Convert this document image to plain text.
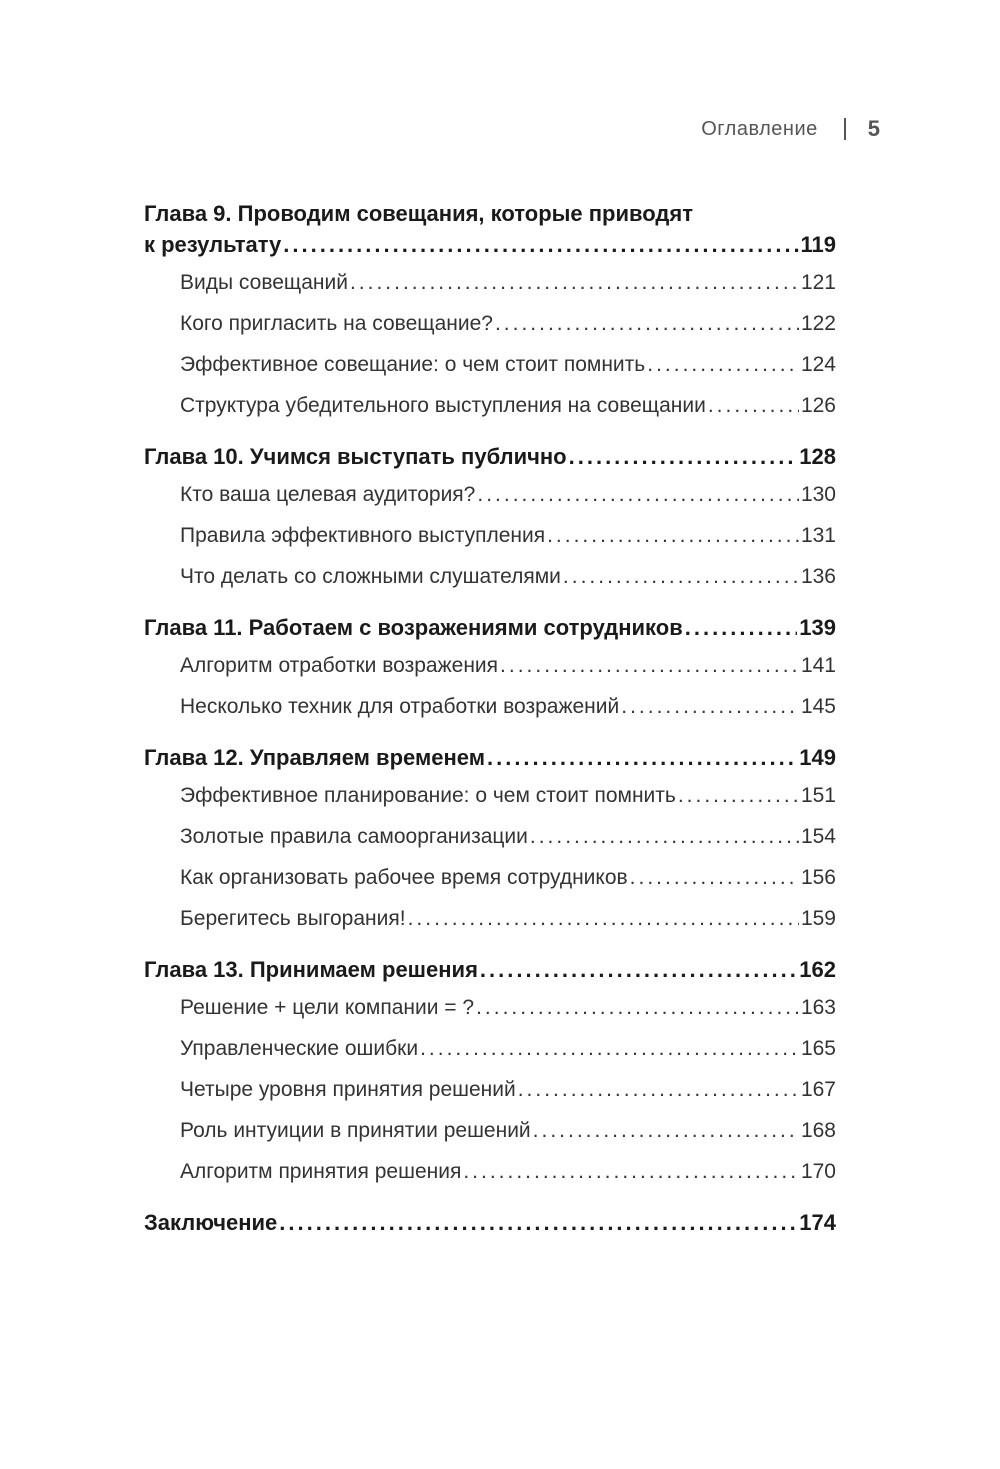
Оглавление 5
Глава 9. Проводим совещания, которые приводят
к результату .....	119
Виды совещаний .....	121
Кого пригласить на совещание? .....	122
Эффективное совещание: о чем стоит помнить .....	124
Структура убедительного выступления на совещании .....	126
Глава 10. Учимся выступать публично .....	128
Кто ваша целевая аудитория? .....	130
Правила эффективного выступления .....	131
Что делать со сложными слушателями .....	136
Глава 11. Работаем с возражениями сотрудников .....	139
Алгоритм отработки возражения .....	141
Несколько техник для отработки возражений .....	145
Глава 12. Управляем временем .....	149
Эффективное планирование: о чем стоит помнить .....	151
Золотые правила самоорганизации .....	154
Как организовать рабочее время сотрудников .....	156
Берегитесь выгорания! .....	159
Глава 13. Принимаем решения .....	162
Решение + цели компании = ? .....	163
Управленческие ошибки .....	165
Четыре уровня принятия решений .....	167
Роль интуиции в принятии решений .....	168
Алгоритм принятия решения .....	170
Заключение .....	174
